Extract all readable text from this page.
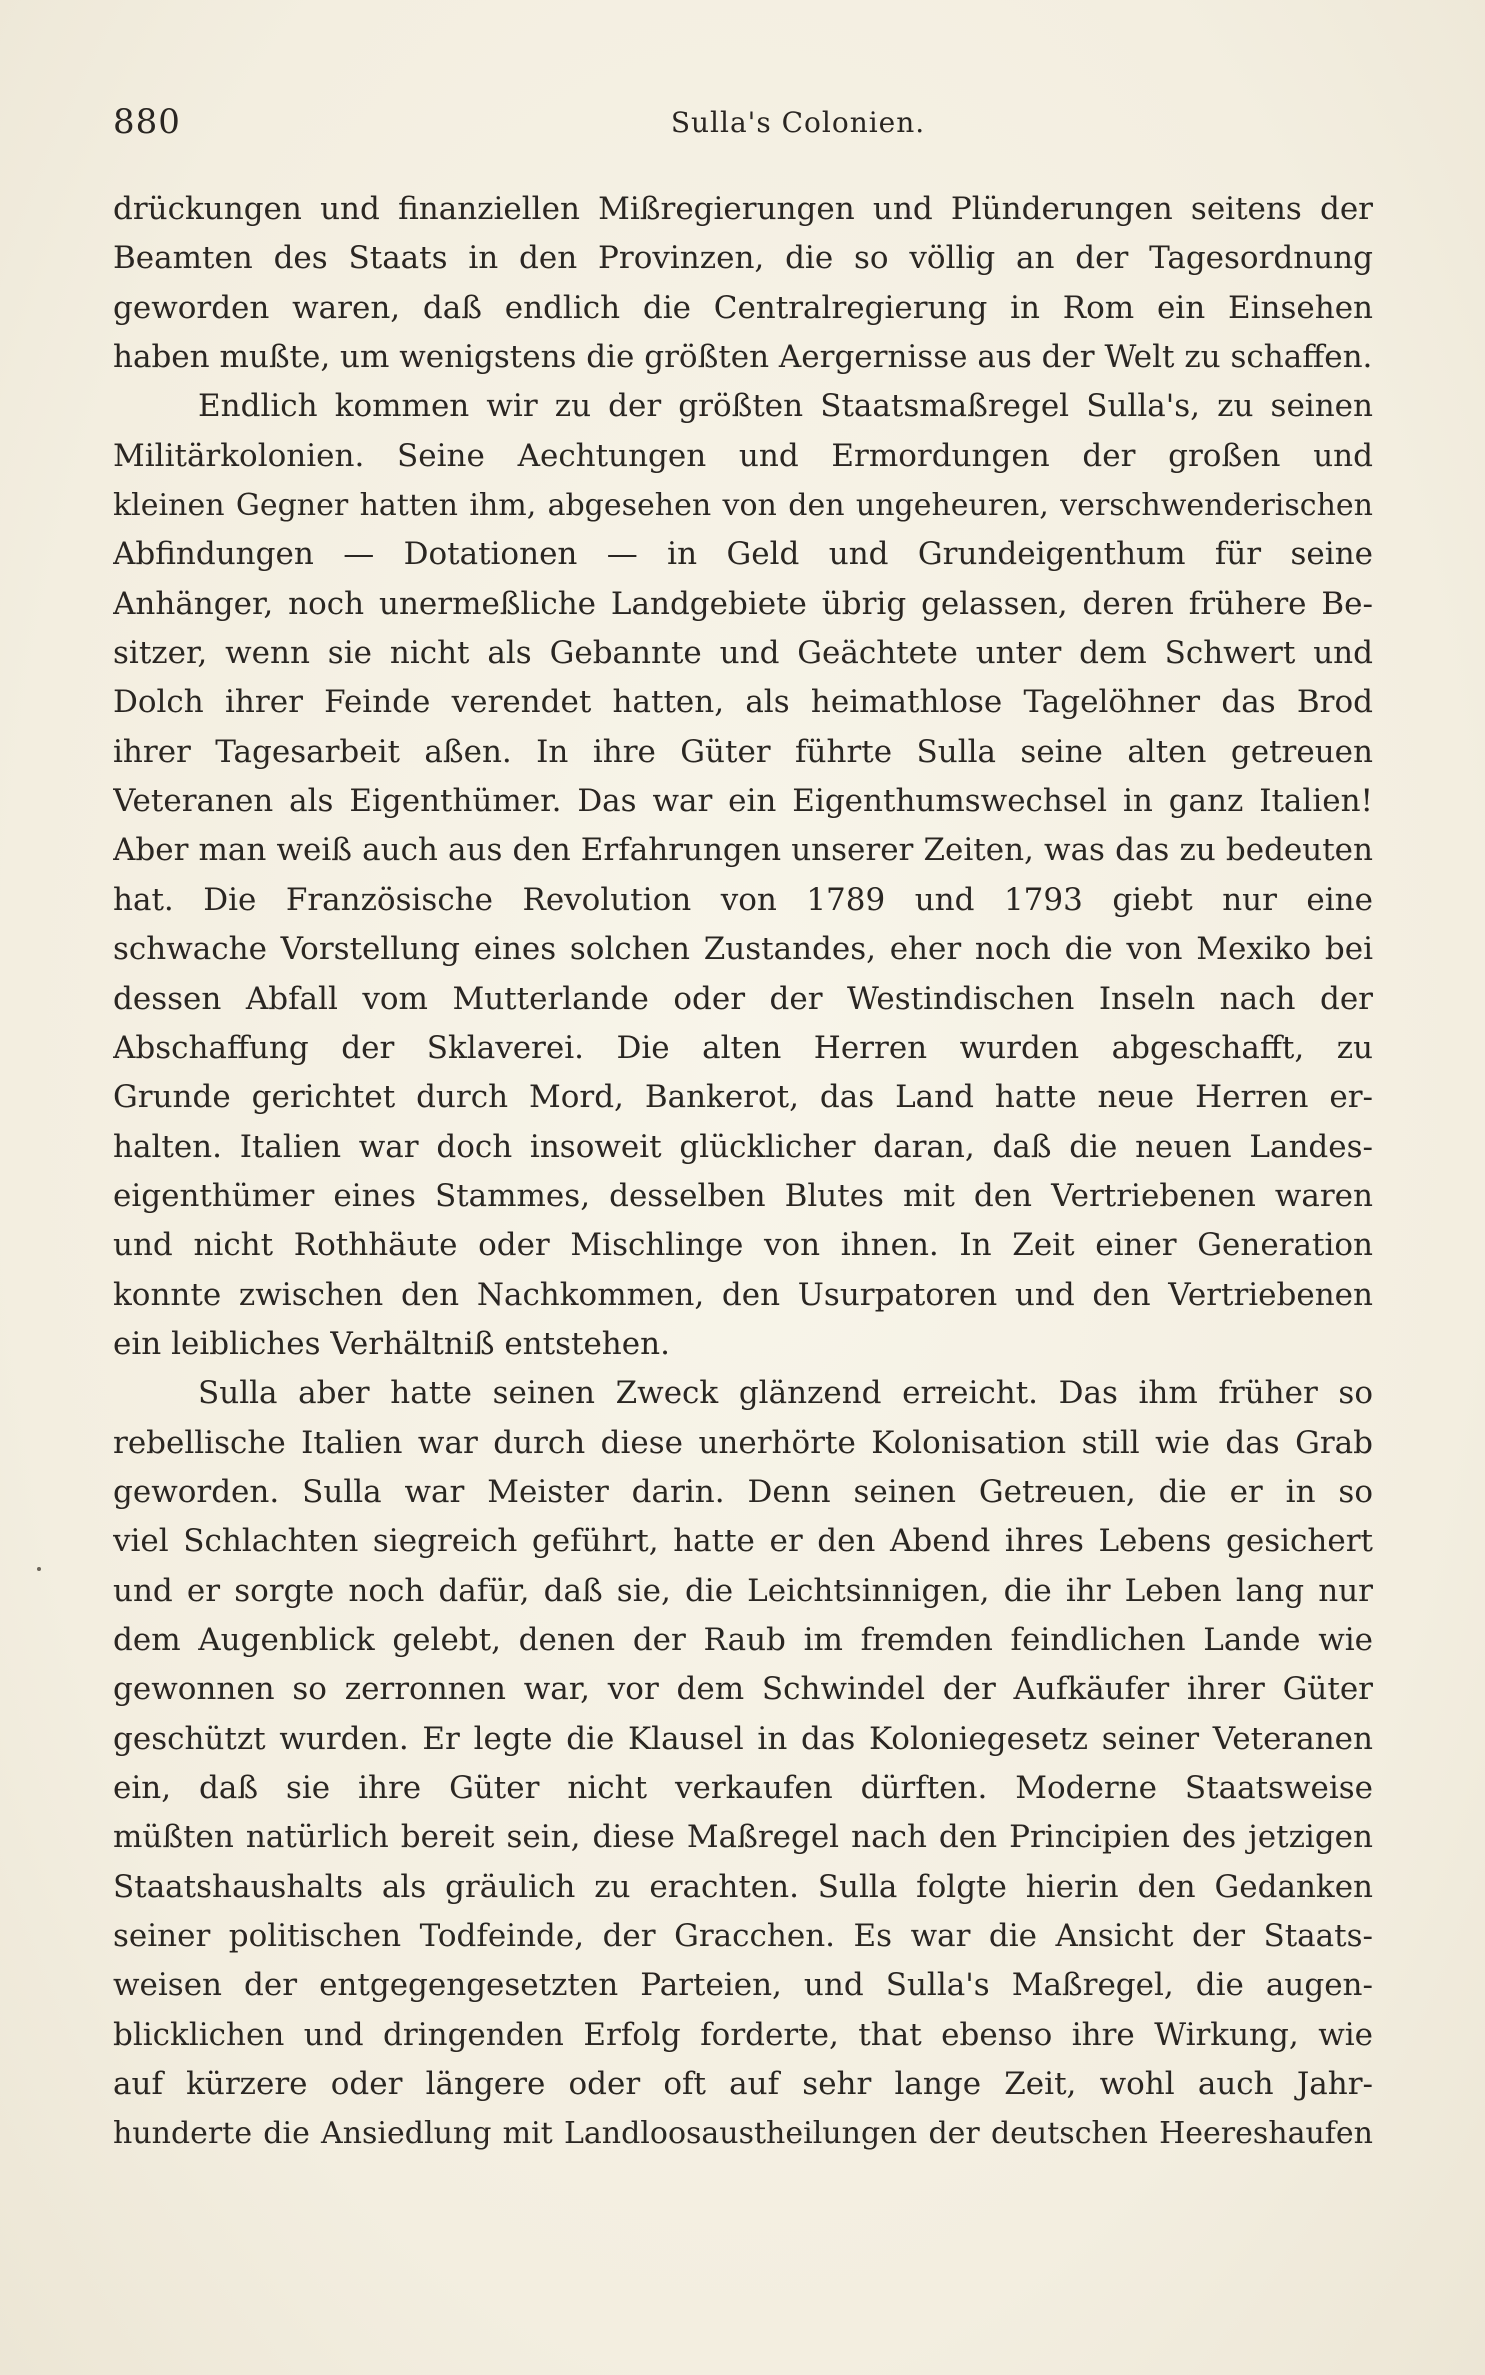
880	Sulla's Colonien.
drückungen und finanziellen Mißregierungen und Plünderungen seitens der
Beamten des Staats in den Provinzen, die so völlig an der Tagesordnung
geworden waren, daß endlich die Centralregierung in Rom ein Einsehen
haben mußte, um wenigstens die größten Aergernisse aus der Welt zu schaffen.
Endlich kommen wir zu der größten Staatsmaßregel Sulla's, zu seinen
Militärkolonien. Seine Aechtungen und Ermordungen der großen und
kleinen Gegner hatten ihm, abgesehen von den ungeheuren, verschwenderischen
Abfindungen — Dotationen — in Geld und Grundeigenthum für seine
Anhänger, noch unermeßliche Landgebiete übrig gelassen, deren frühere Be-
sitzer, wenn sie nicht als Gebannte und Geächtete unter dem Schwert und
Dolch ihrer Feinde verendet hatten, als heimathlose Tagelöhner das Brod
ihrer Tagesarbeit aßen. In ihre Güter führte Sulla seine alten getreuen
Veteranen als Eigenthümer. Das war ein Eigenthumswechsel in ganz Italien!
Aber man weiß auch aus den Erfahrungen unserer Zeiten, was das zu bedeuten
hat. Die Französische Revolution von 1789 und 1793 giebt nur eine
schwache Vorstellung eines solchen Zustandes, eher noch die von Mexiko bei
dessen Abfall vom Mutterlande oder der Westindischen Inseln nach der
Abschaffung der Sklaverei. Die alten Herren wurden abgeschafft, zu
Grunde gerichtet durch Mord, Bankerot, das Land hatte neue Herren er-
halten. Italien war doch insoweit glücklicher daran, daß die neuen Landes-
eigenthümer eines Stammes, desselben Blutes mit den Vertriebenen waren
und nicht Rothhäute oder Mischlinge von ihnen. In Zeit einer Generation
konnte zwischen den Nachkommen, den Usurpatoren und den Vertriebenen
ein leibliches Verhältniß entstehen.
Sulla aber hatte seinen Zweck glänzend erreicht. Das ihm früher so
rebellische Italien war durch diese unerhörte Kolonisation still wie das Grab
geworden. Sulla war Meister darin. Denn seinen Getreuen, die er in so
viel Schlachten siegreich geführt, hatte er den Abend ihres Lebens gesichert
und er sorgte noch dafür, daß sie, die Leichtsinnigen, die ihr Leben lang nur
dem Augenblick gelebt, denen der Raub im fremden feindlichen Lande wie
gewonnen so zerronnen war, vor dem Schwindel der Aufkäufer ihrer Güter
geschützt wurden. Er legte die Klausel in das Koloniegesetz seiner Veteranen
ein, daß sie ihre Güter nicht verkaufen dürften. Moderne Staatsweise
müßten natürlich bereit sein, diese Maßregel nach den Principien des jetzigen
Staatshaushalts als gräulich zu erachten. Sulla folgte hierin den Gedanken
seiner politischen Todfeinde, der Gracchen. Es war die Ansicht der Staats-
weisen der entgegengesetzten Parteien, und Sulla's Maßregel, die augen-
blicklichen und dringenden Erfolg forderte, that ebenso ihre Wirkung, wie
auf kürzere oder längere oder oft auf sehr lange Zeit, wohl auch Jahr-
hunderte die Ansiedlung mit Landloosaustheilungen der deutschen Heereshaufen
